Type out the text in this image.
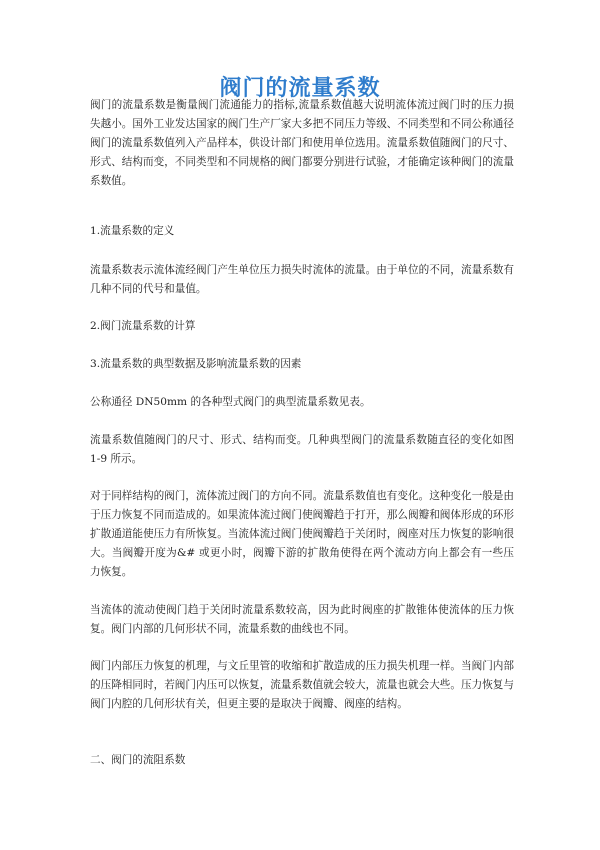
阀门的流量系数

阀门的流量系数是衡量阀门流通能力的指标,流量系数值越大说明流体流过阀门时的压力损失越小。国外工业发达国家的阀门生产厂家大多把不同压力等级、不同类型和不同公称通径阀门的流量系数值列入产品样本，供设计部门和使用单位选用。流量系数值随阀门的尺寸、形式、结构而变，不同类型和不同规格的阀门都要分别进行试验，才能确定该种阀门的流量系数值。

1.流量系数的定义

流量系数表示流体流经阀门产生单位压力损失时流体的流量。由于单位的不同，流量系数有几种不同的代号和量值。

2.阀门流量系数的计算

3.流量系数的典型数据及影响流量系数的因素

公称通径 DN50mm 的各种型式阀门的典型流量系数见表。

流量系数值随阀门的尺寸、形式、结构而变。几种典型阀门的流量系数随直径的变化如图 1-9 所示。

对于同样结构的阀门，流体流过阀门的方向不同。流量系数值也有变化。这种变化一般是由于压力恢复不同而造成的。如果流体流过阀门使阀瓣趋于打开，那么阀瓣和阀体形成的环形扩散通道能使压力有所恢复。当流体流过阀门使阀瓣趋于关闭时，阀座对压力恢复的影响很大。当阀瓣开度为&# 或更小时，阀瓣下游的扩散角使得在两个流动方向上都会有一些压力恢复。

当流体的流动使阀门趋于关闭时流量系数较高，因为此时阀座的扩散锥体使流体的压力恢复。阀门内部的几何形状不同，流量系数的曲线也不同。

阀门内部压力恢复的机理，与文丘里管的收缩和扩散造成的压力损失机理一样。当阀门内部的压降相同时，若阀门内压可以恢复，流量系数值就会较大，流量也就会大些。压力恢复与阀门内腔的几何形状有关，但更主要的是取决于阀瓣、阀座的结构。

二、阀门的流阻系数
